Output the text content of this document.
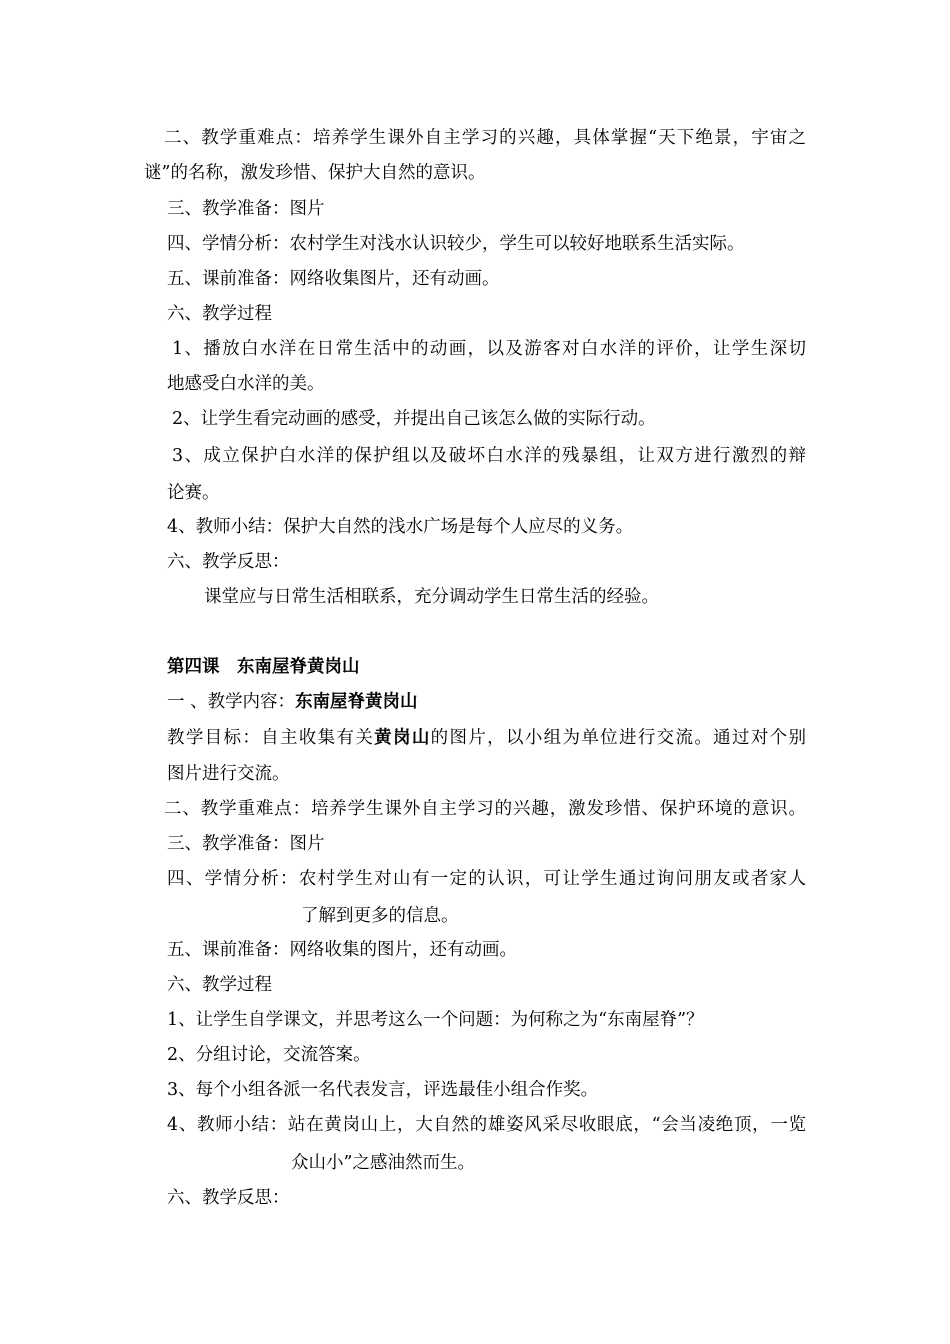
二、教学重难点：培养学生课外自主学习的兴趣，具体掌握“天下绝景，宇宙之
谜”的名称，激发珍惜、保护大自然的意识。
三、教学准备：图片
四、学情分析：农村学生对浅水认识较少，学生可以较好地联系生活实际。
五、课前准备：网络收集图片，还有动画。
六、教学过程
1、播放白水洋在日常生活中的动画，以及游客对白水洋的评价，让学生深切
地感受白水洋的美。
2、让学生看完动画的感受，并提出自己该怎么做的实际行动。
3、成立保护白水洋的保护组以及破坏白水洋的残暴组，让双方进行激烈的辩
论赛。
4、教师小结：保护大自然的浅水广场是每个人应尽的义务。
六、教学反思：
课堂应与日常生活相联系，充分调动学生日常生活的经验。
第四课　东南屋脊黄岗山
一 、教学内容：东南屋脊黄岗山
教学目标：自主收集有关黄岗山的图片，以小组为单位进行交流。通过对个别
图片进行交流。
二、教学重难点：培养学生课外自主学习的兴趣，激发珍惜、保护环境的意识。
三、教学准备：图片
四、学情分析：农村学生对山有一定的认识，可让学生通过询问朋友或者家人
了解到更多的信息。
五、课前准备：网络收集的图片，还有动画。
六、教学过程
1、让学生自学课文，并思考这么一个问题：为何称之为“东南屋脊”？
2、分组讨论，交流答案。
3、每个小组各派一名代表发言，评选最佳小组合作奖。
4、教师小结：站在黄岗山上，大自然的雄姿风采尽收眼底，“会当凌绝顶，一览
众山小”之感油然而生。
六、教学反思：
